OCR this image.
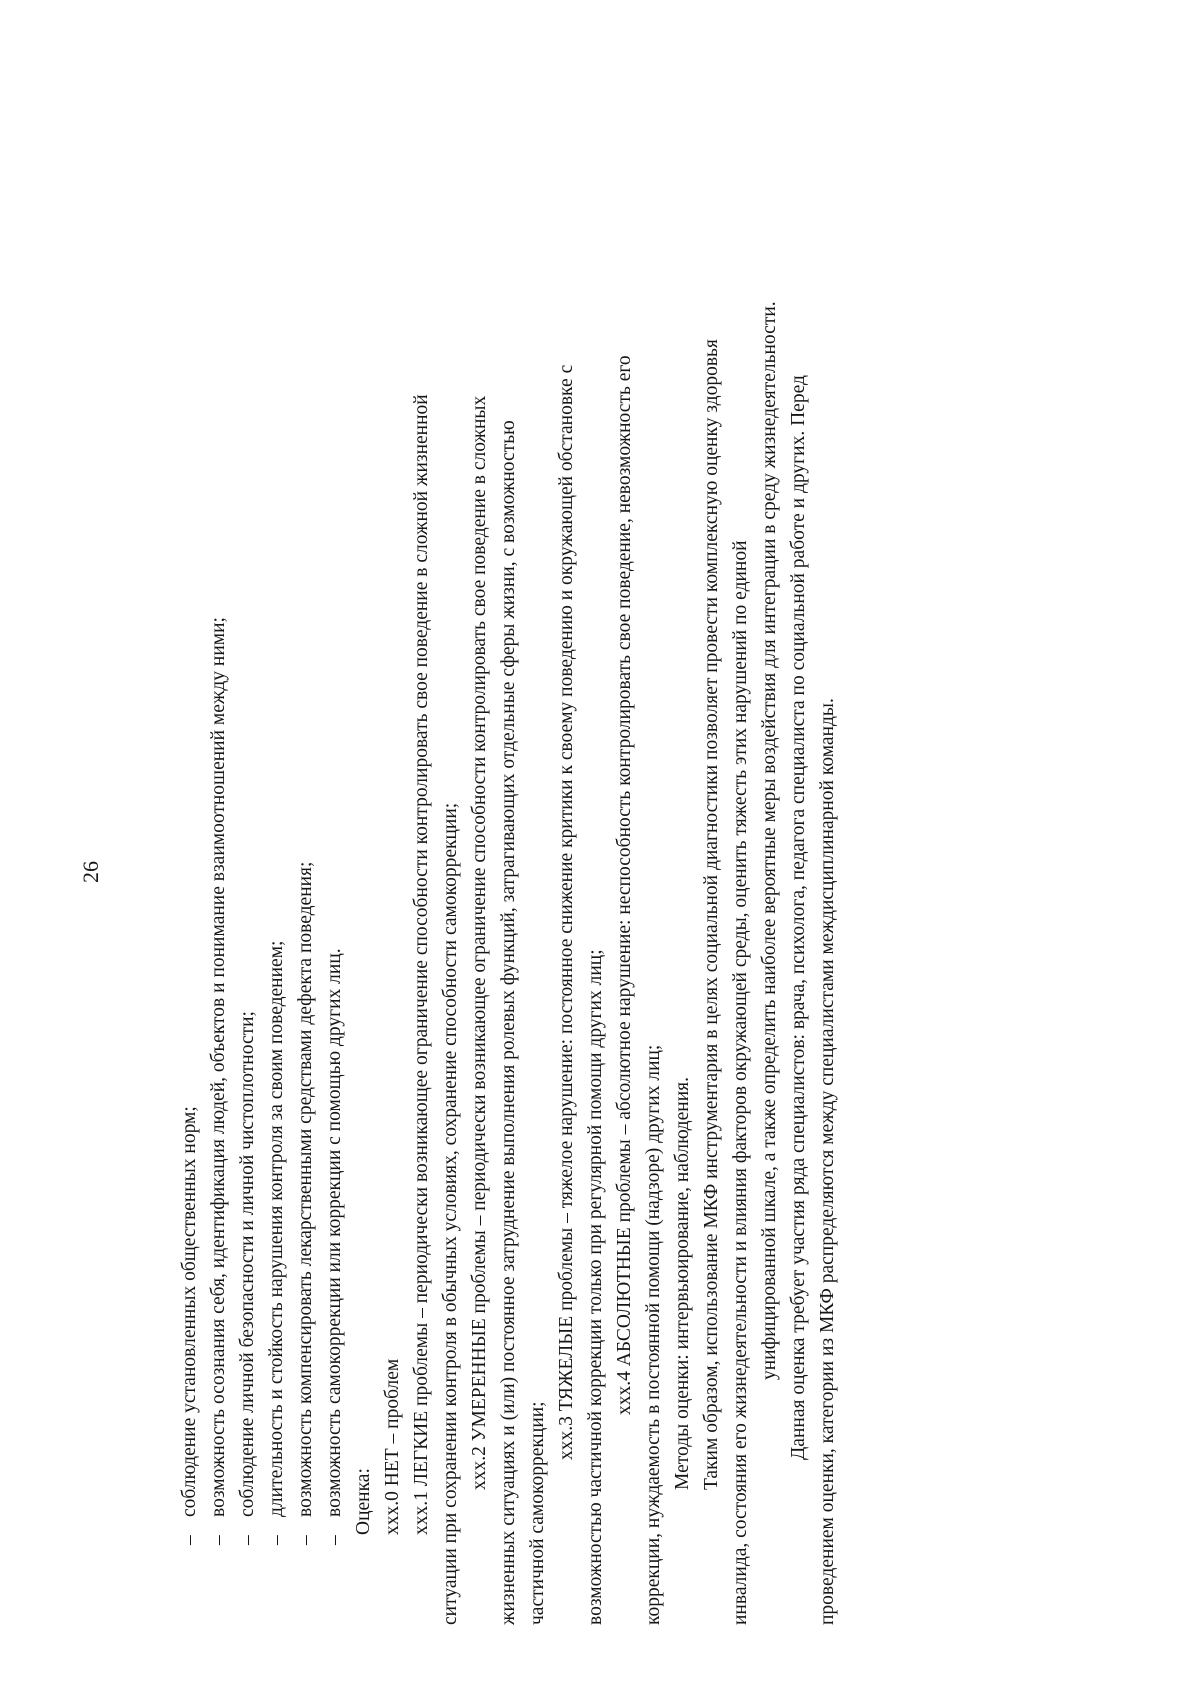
26

–соблюдение установленных общественных норм;

–возможность осознания себя, идентификация людей, объектов и понимание взаимоотношений между ними;

–соблюдение личной безопасности и личной чистоплотности;

–длительность и стойкость нарушения контроля за своим поведением;

–возможность компенсировать лекарственными средствами дефекта поведения;

–возможность самокоррекции или коррекции с помощью других лиц. Оценка: xxx.0 НЕТ – проблем xxx.1 ЛЕГКИЕ проблемы – периодически возникающее ограничение способности контролировать свое поведение в сложной жизненной ситуации при сохранении контроля в обычных условиях, сохранение способности самокоррекции; xxx.2 УМЕРЕННЫЕ проблемы – периодически возникающее ограничение способности контролировать свое поведение в сложных жизненных ситуациях и (или) постоянное затруднение выполнения ролевых функций, затрагивающих отдельные сферы жизни, с возможностью частичной самокоррекции;

xxx.3 ТЯЖЕЛЫЕ проблемы – тяжелое нарушение: постоянное снижение критики к своему поведению и окружающей обстановке с возможностью частичной коррекции только при регулярной помощи других лиц; xxx.4 АБСОЛЮТНЫЕ проблемы – абсолютное нарушение: неспособность контролировать свое поведение, невозможность его коррекции, нуждаемость в постоянной помощи (надзоре) других лиц; Методы оценки: интервьюирование, наблюдения. Таким образом, использование МКФ инструментария в целях социальной диагностики позволяет провести комплексную оценку здоровья инвалида, состояния его жизнедеятельности и влияния факторов окружающей среды, оценить тяжесть этих нарушений по единой унифицированной шкале, а также определить наиболее вероятные меры воздействия для интеграции в среду жизнедеятельности. Данная оценка требует участия ряда специалистов: врача, психолога, педагога специалиста по социальной работе и других. Перед проведением оценки, категории из МКФ распределяются между специалистами междисциплинарной команды.
